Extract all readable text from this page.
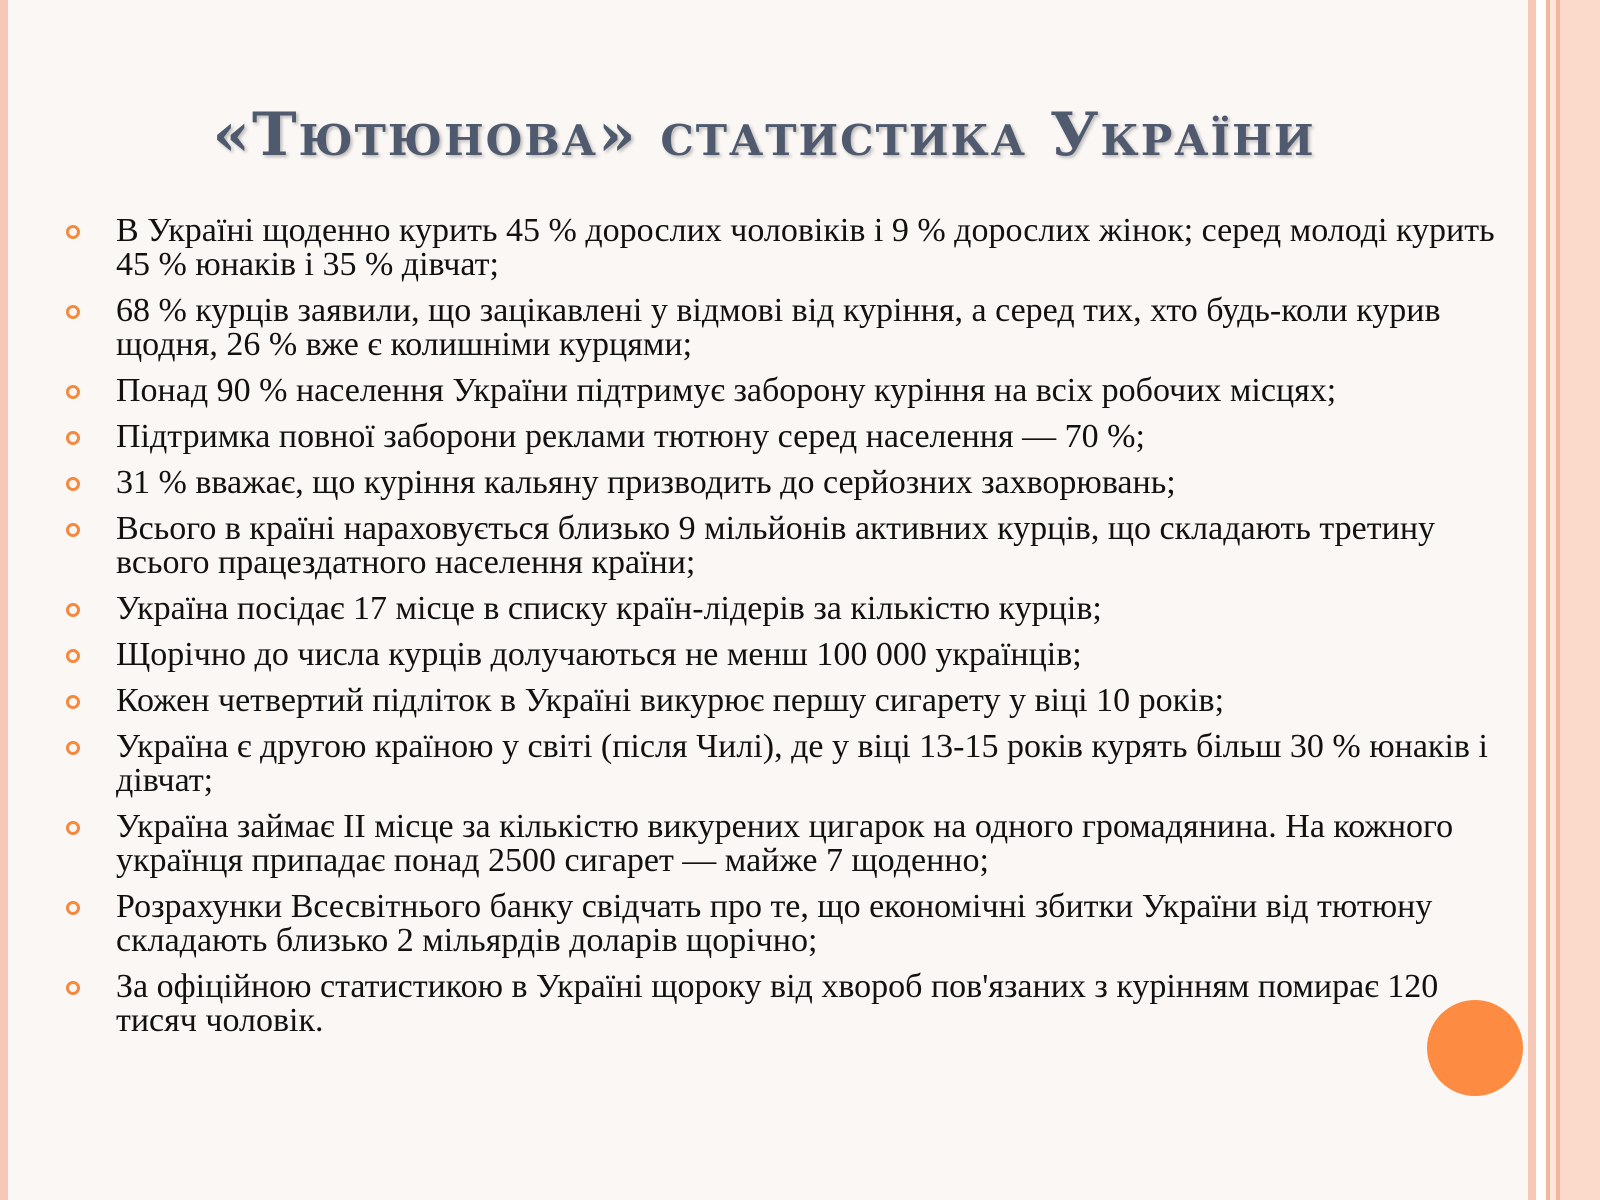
«Тютюнова» статистика України
В Україні щоденно курить 45 % дорослих чоловіків і 9 % дорослих жінок; серед молоді курить 45 % юнаків і 35 % дівчат;
68 % курців заявили, що зацікавлені у відмові від куріння, а серед тих, хто будь-коли курив щодня, 26 % вже є колишніми курцями;
Понад 90 % населення України підтримує заборону куріння на всіх робочих місцях;
Підтримка повної заборони реклами тютюну серед населення — 70 %;
31 % вважає, що куріння кальяну призводить до серйозних захворювань;
Всього в країні нараховується близько 9 мільйонів активних курців, що складають третину всього працездатного населення країни;
Україна посідає 17 місце в списку країн-лідерів за кількістю курців;
Щорічно до числа курців долучаються не менш 100 000 українців;
Кожен четвертий підліток в Україні викурює першу сигарету у віці 10 років;
Україна є другою країною у світі (після Чилі), де у віці 13-15 років курять більш 30 % юнаків і дівчат;
Україна займає II місце за кількістю викурених цигарок на одного громадянина. На кожного українця припадає понад 2500 сигарет — майже 7 щоденно;
Розрахунки Всесвітнього банку свідчать про те, що економічні збитки України від тютюну складають близько 2 мільярдів доларів щорічно;
За офіційною статистикою в Україні щороку від хвороб пов'язаних з курінням помирає 120 тисяч чоловік.
